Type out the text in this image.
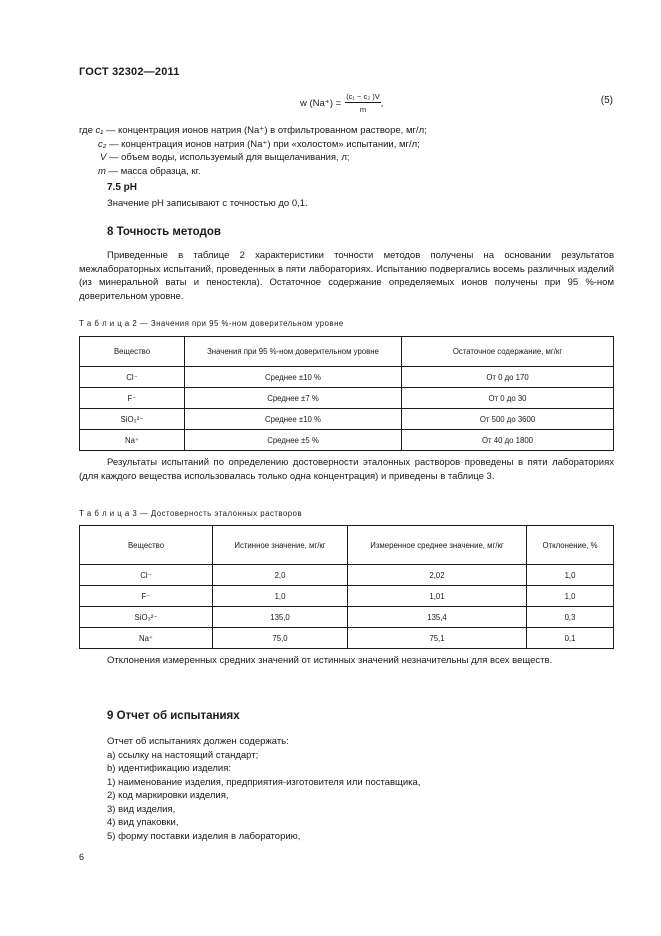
ГОСТ 32302—2011
w $(Na^+) = \frac{\text{(c₁ − c₂ )V}}{m}$ ,	(5)
где c₁ — концентрация ионов натрия (Na⁺) в отфильтрованном растворе, мг/л;
c₂ — концентрация ионов натрия (Na⁺) при «холостом» испытании, мг/л;
V — объем воды, используемый для выщелачивания, л;
m — масса образца, кг.
7.5 pH
Значение pH записывают с точностью до 0,1.
8 Точность методов
Приведенные в таблице 2 характеристики точности методов получены на основании результатов межлабораторных испытаний, проведенных в пяти лабораториях. Испытанию подвергались восемь различных изделий (из минеральной ваты и пеностекла). Остаточное содержание определяемых ионов получены при 95 %-ном доверительном уровне.
Т а б л и ц а 2 — Значения при 95 %-ном доверительном уровне
Вещество	Значения при 95 %-ном доверительном уровне	Остаточное содержание, мг/кг
Cl⁻	Среднее ±10 %	От 0 до 170
F⁻	Среднее ±7 %	От 0 до 30
SiO₃²⁻	Среднее ±10 %	От 500 до 3600
Na⁺	Среднее ±5 %	От 40 до 1800
Результаты испытаний по определению достоверности эталонных растворов проведены в пяти лабораториях (для каждого вещества использовалась только одна концентрация) и приведены в таблице 3.
Т а б л и ц а 3 — Достоверность эталонных растворов
Вещество	Истинное значение, мг/кг	Измеренное среднее значение, мг/кг	Отклонение, %
Cl⁻	2,0	2,02	1,0
F⁻	1,0	1,01	1,0
SiO₃²⁻	135,0	135,4	0,3
Na⁺	75,0	75,1	0,1
Отклонения измеренных средних значений от истинных значений незначительны для всех веществ.
9 Отчет об испытаниях
Отчет об испытаниях должен содержать:
a) ссылку на настоящий стандарт;
b) идентификацию изделия:
1) наименование изделия, предприятия-изготовителя или поставщика,
2) код маркировки изделия,
3) вид изделия,
4) вид упаковки,
5) форму поставки изделия в лабораторию,
6
